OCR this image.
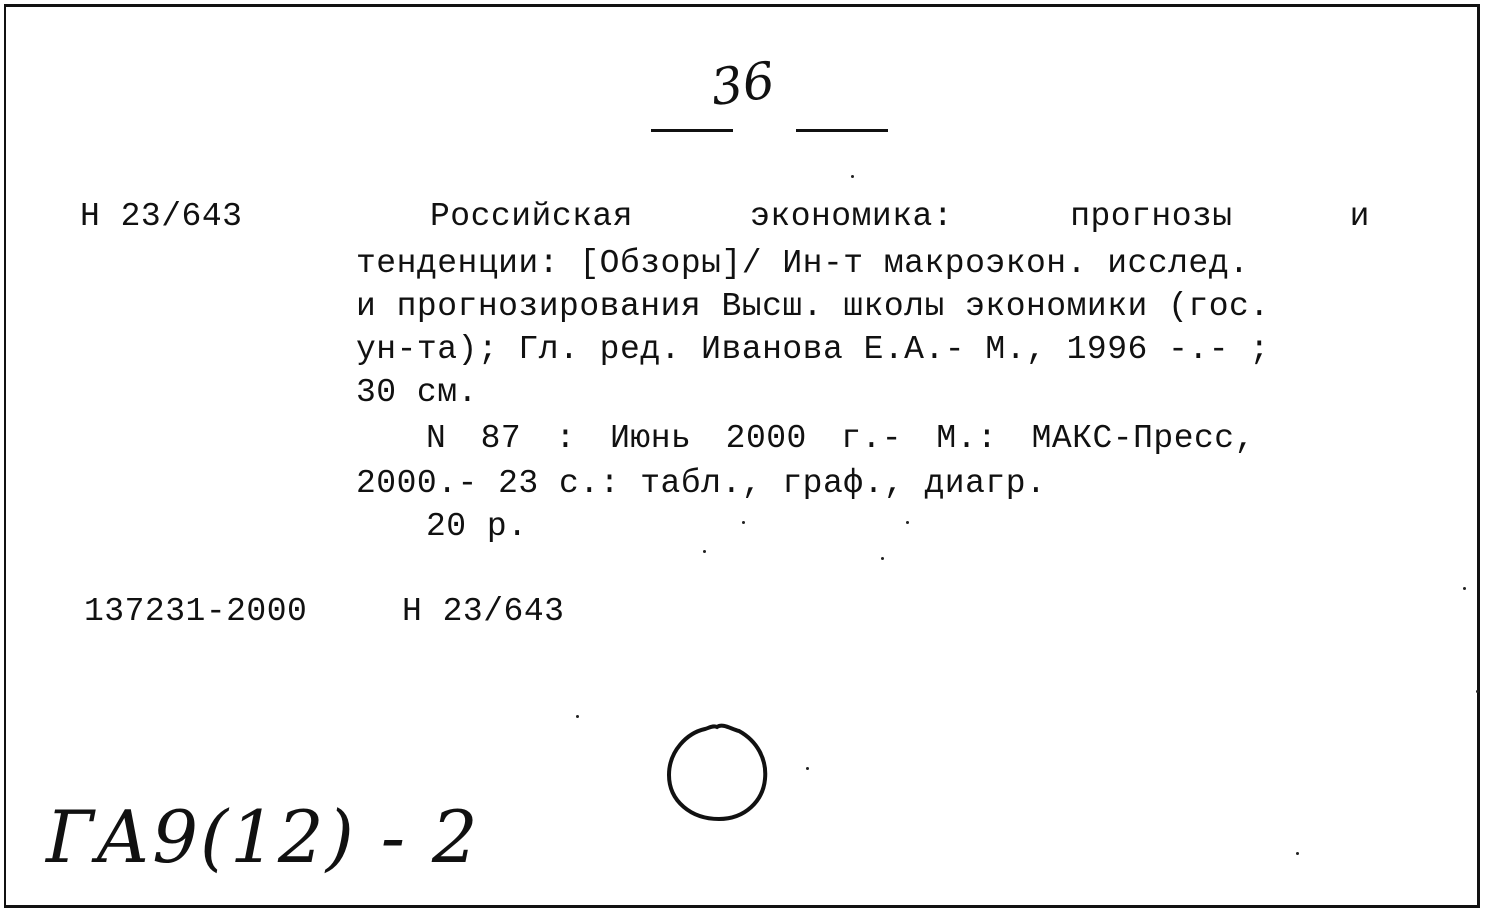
36
Н 23/643	Российская	экономика:	прогнозы	и
тенденции: [Обзоры]/ Ин-т макроэкон. исслед.
и прогнозирования Высш. школы экономики (гос.
ун-та); Гл. ред. Иванова Е.А.- М., 1996 -.- ;
30 см.
N 87 : Июнь 2000 г.- М.: МАКС-Пресс,
2000.- 23 с.: табл., граф., диагр.
20 р.
137231-2000	Н 23/643
ГА9(12) - 2
